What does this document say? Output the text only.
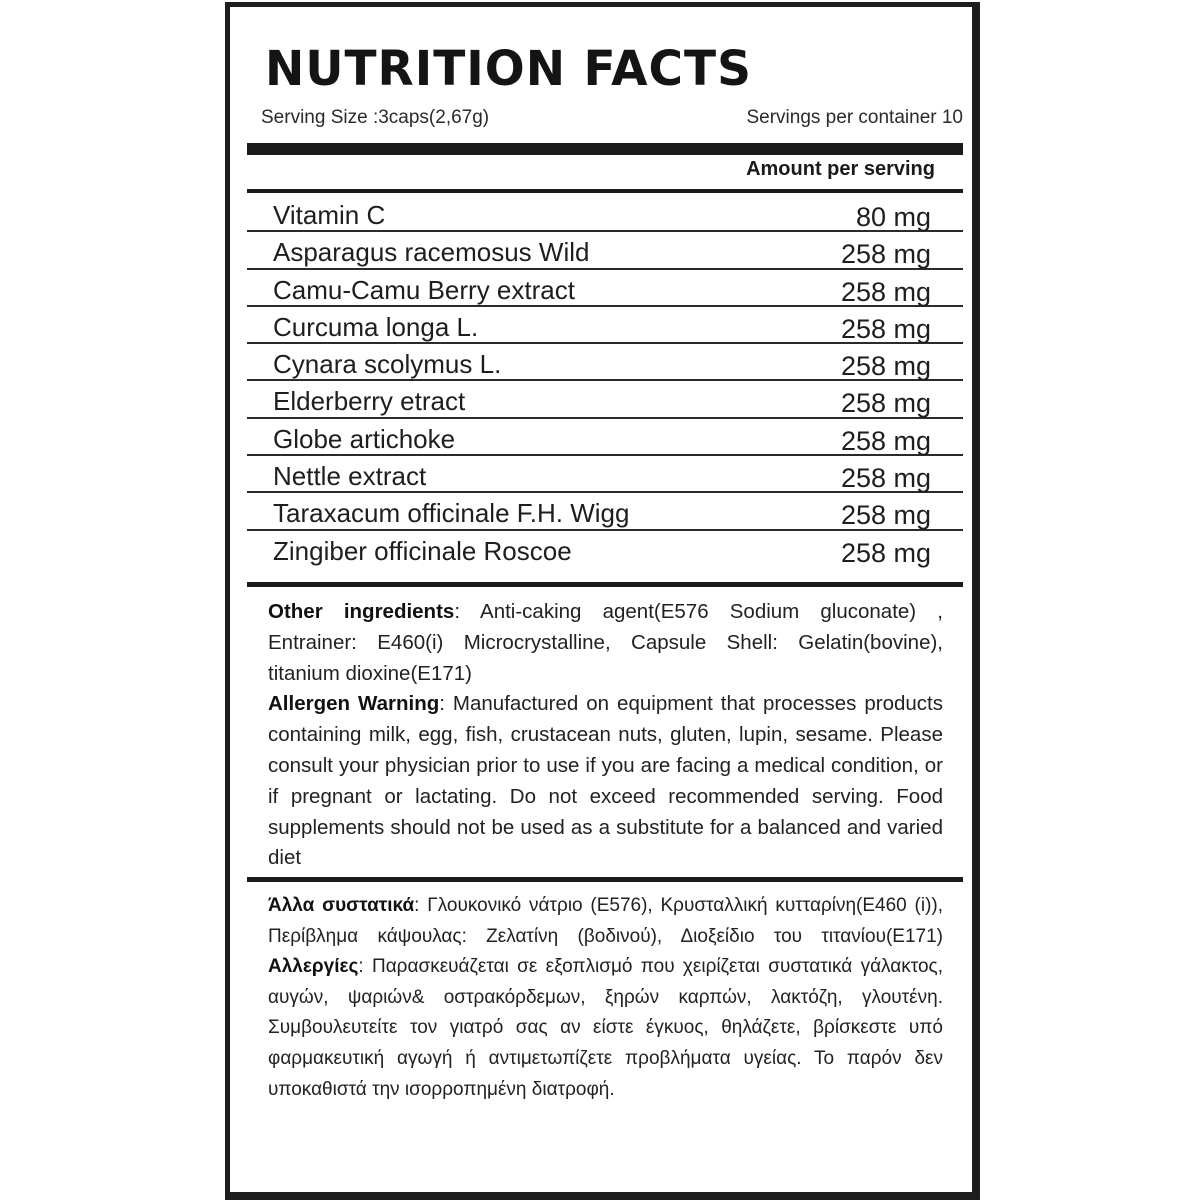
NUTRITION FACTS
Serving Size :3caps(2,67g)	Servings per container 10
Amount per serving
Vitamin C	80 mg
Asparagus racemosus Wild	258 mg
Camu-Camu Berry extract	258 mg
Curcuma longa L.	258 mg
Cynara scolymus L.	258 mg
Elderberry etract	258 mg
Globe artichoke	258 mg
Nettle extract	258 mg
Taraxacum officinale F.H. Wigg	258 mg
Zingiber officinale Roscoe	258 mg
Other ingredients: Anti-caking agent(E576 Sodium gluconate) , Entrainer: E460(i) Microcrystalline, Capsule Shell: Gelatin(bovine), titanium dioxine(E171)
Allergen Warning: Manufactured on equipment that processes products containing milk, egg, fish, crustacean nuts, gluten, lupin, sesame. Please consult your physician prior to use if you are facing a medical condition, or if pregnant or lactating. Do not exceed recommended serving. Food supplements should not be used as a substitute for a balanced and varied diet
Άλλα συστατικά: Γλουκονικό νάτριο (E576), Κρυσταλλική κυτταρίνη(E460 (i)), Περίβλημα κάψουλας: Ζελατίνη (βοδινού), Διοξείδιο του τιτανίου(E171) Αλλεργίες: Παρασκευάζεται σε εξοπλισμό που χειρίζεται συστατικά γάλακτος, αυγών, ψαριών& οστρακόρδεμων, ξηρών καρπών, λακτόζη, γλουτένη. Συμβουλευτείτε τον γιατρό σας αν είστε έγκυος, θηλάζετε, βρίσκεστε υπό φαρμακευτική αγωγή ή αντιμετωπίζετε προβλήματα υγείας. Το παρόν δεν υποκαθιστά την ισορροπημένη διατροφή.
